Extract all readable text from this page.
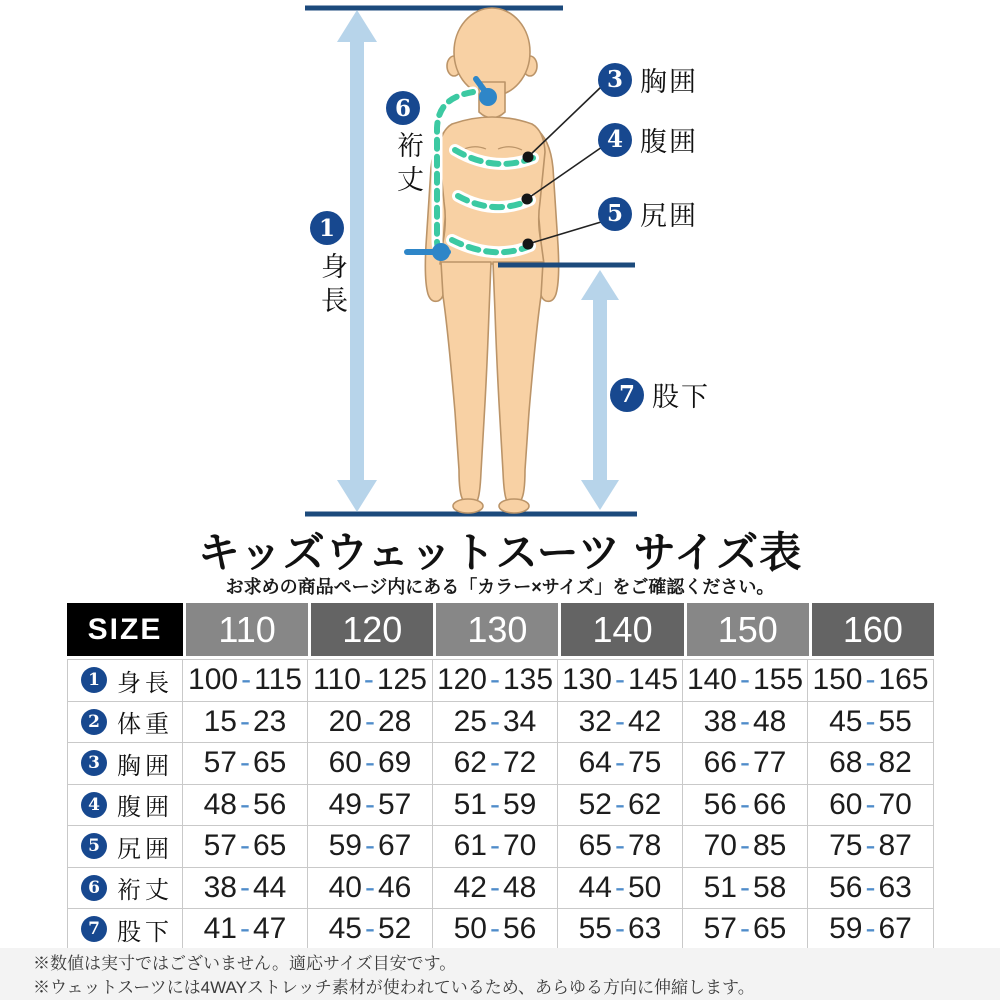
1
身長
6
裄丈
3 胸囲
4 腹囲
5 尻囲
7 股下
キッズウェットスーツ サイズ表
お求めの商品ページ内にある「カラー×サイズ」をご確認ください。
SIZE	110	120	130	140	150	160
1 身長 100 - 115 110 - 125 120 - 135 130 - 145 140 - 155 150 - 165
2 体重 15 - 23 20 - 28 25 - 34 32 - 42 38 - 48 45 - 55
3 胸囲 57 - 65 60 - 69 62 - 72 64 - 75 66 - 77 68 - 82
4 腹囲 48 - 56 49 - 57 51 - 59 52 - 62 56 - 66 60 - 70
5 尻囲 57 - 65 59 - 67 61 - 70 65 - 78 70 - 85 75 - 87
6 裄丈 38 - 44 40 - 46 42 - 48 44 - 50 51 - 58 56 - 63
7 股下 41 - 47 45 - 52 50 - 56 55 - 63 57 - 65 59 - 67
※数値は実寸ではございません。適応サイズ目安です。
※ウェットスーツには4WAYストレッチ素材が使われているため、あらゆる方向に伸縮します。
